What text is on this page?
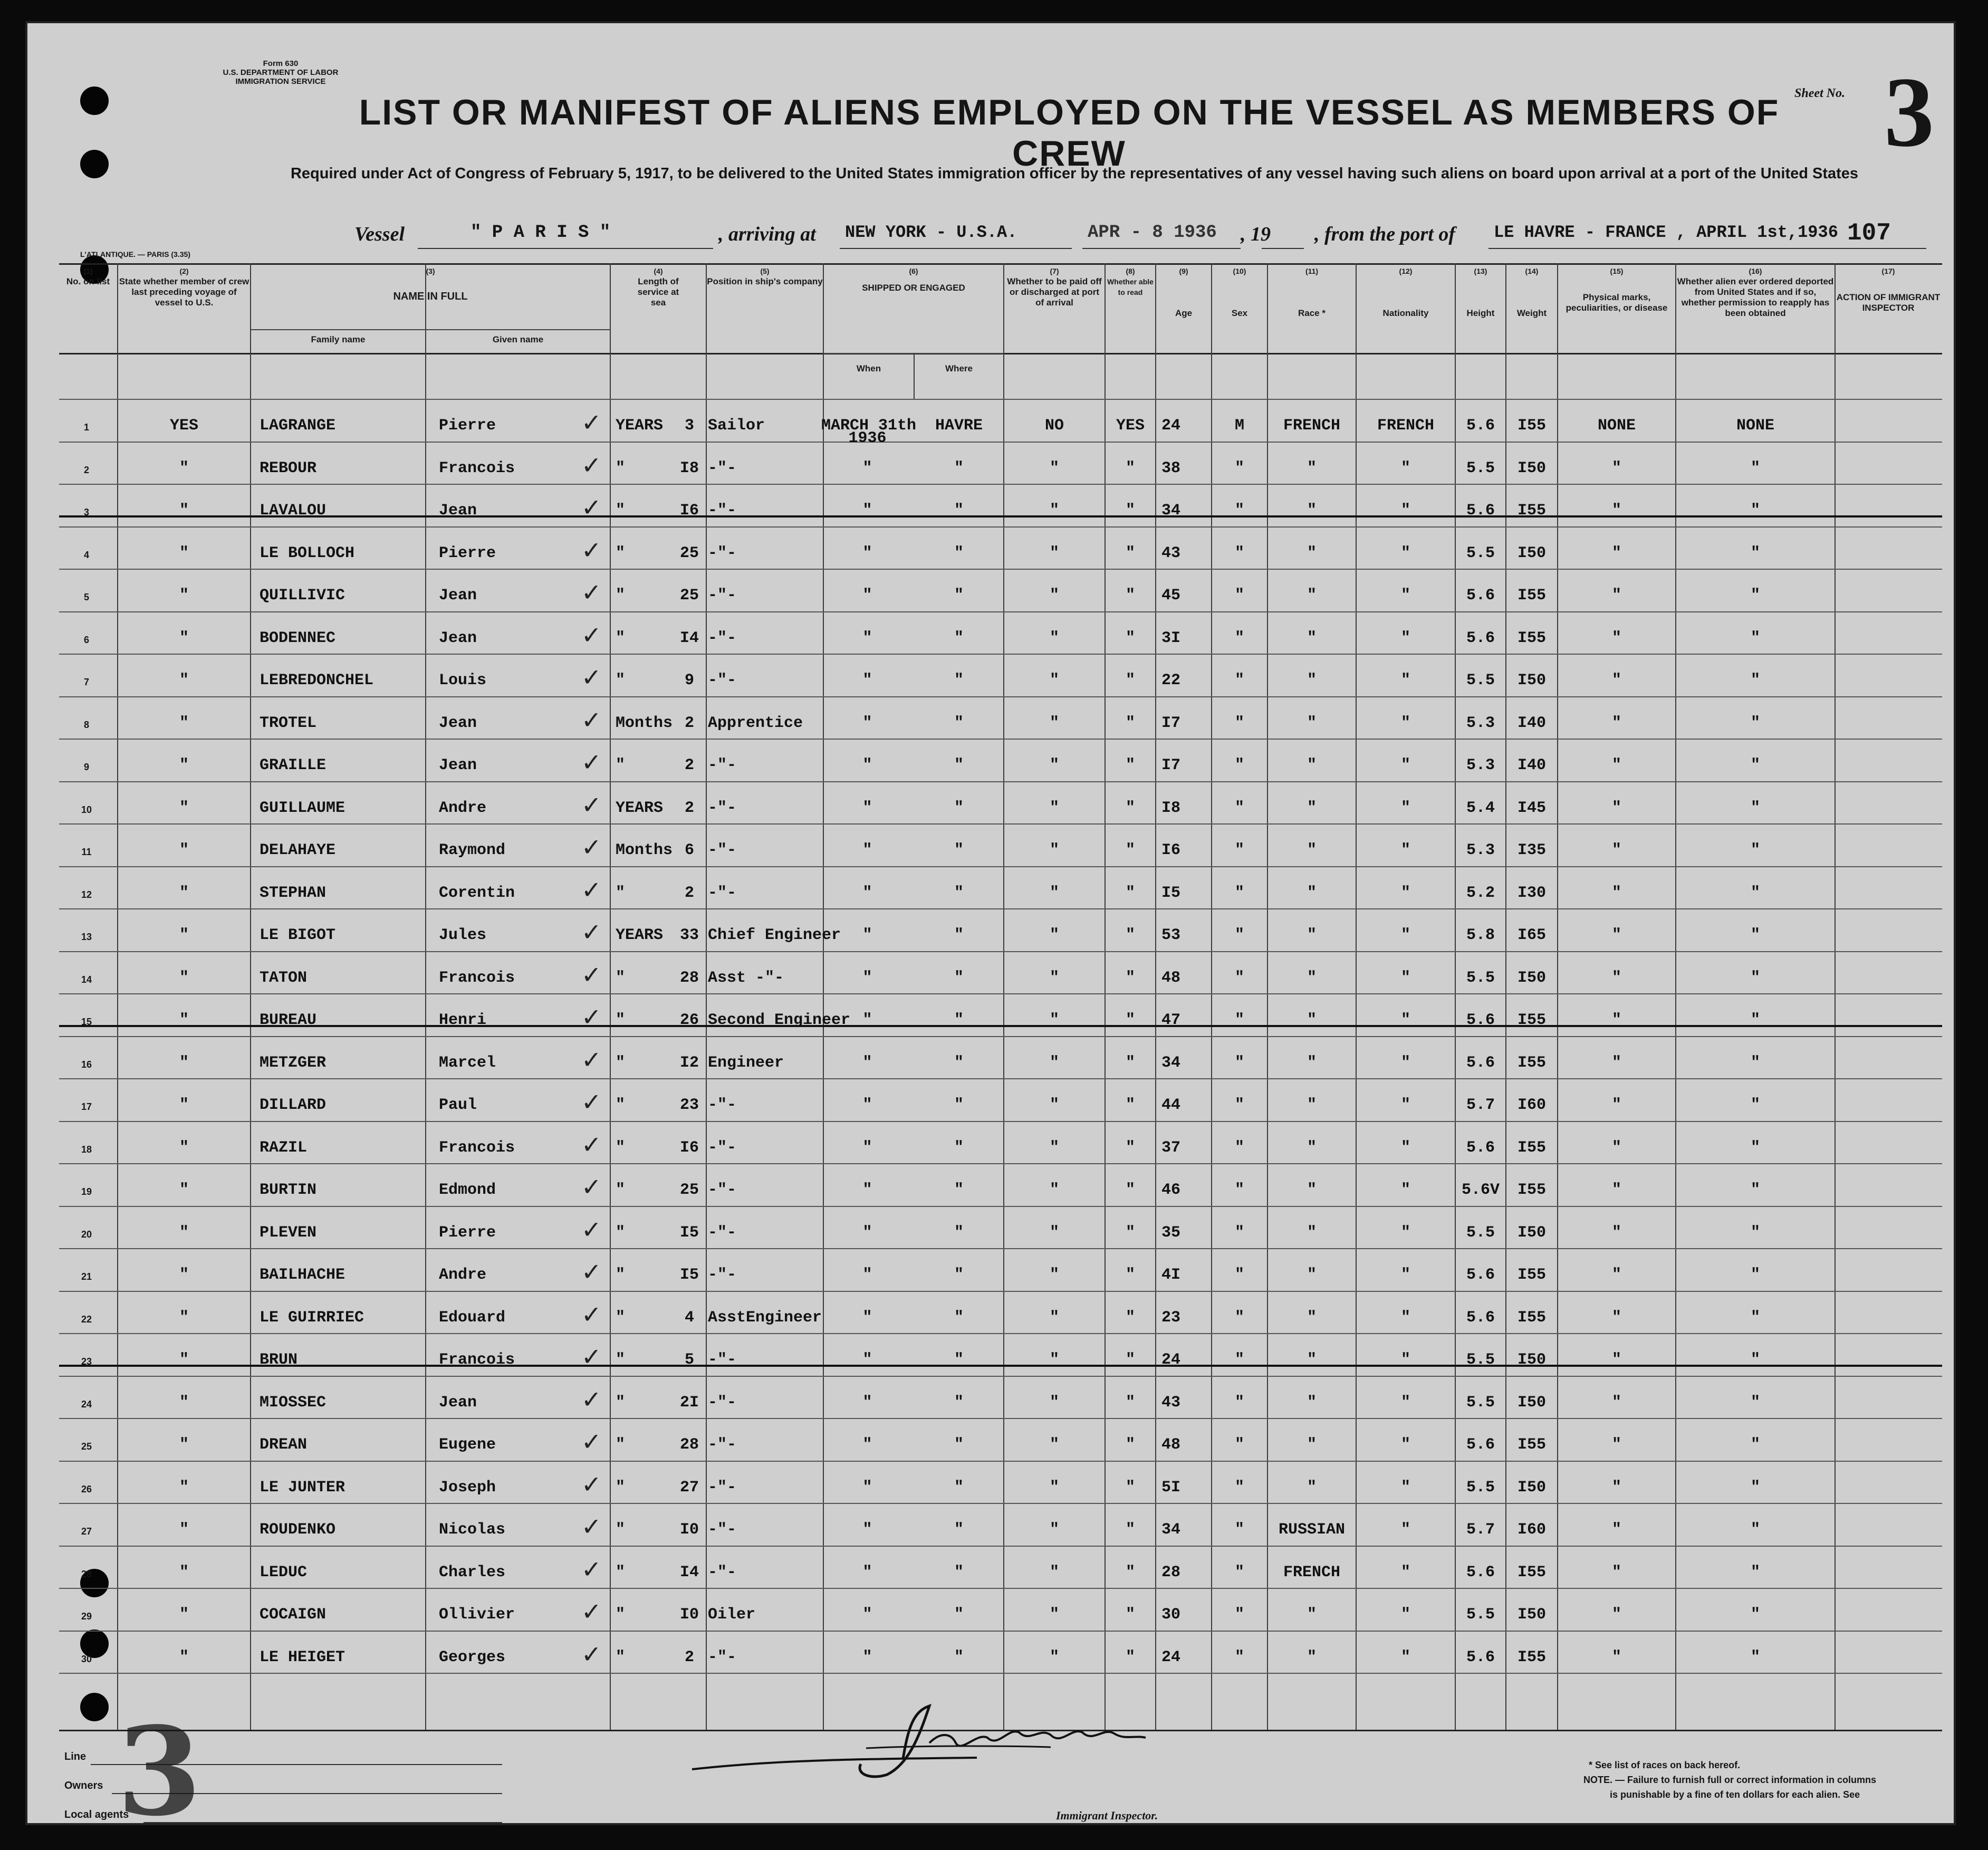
Form 630
U.S. DEPARTMENT OF LABOR
IMMIGRATION SERVICE
LIST OR MANIFEST OF ALIENS EMPLOYED ON THE VESSEL AS MEMBERS OF CREW
Sheet No. 3
Required under Act of Congress of February 5, 1917, to be delivered to the United States immigration officer by the representatives of any vessel having such aliens on board upon arrival at a port of the United States
L'ATLANTIQUE. — PARIS (3.35)
Vessel	" P A R I S "	, arriving at NEW YORK - U.S.A.	APR - 8 1936 , 19 , from the port of LE HAVRE - FRANCE , APRIL 1st,1936 107
(1)
No. on list
(2)
State whether member of crew last preceding voyage of vessel to U.S.
(3)
NAME IN FULL
Family name	Given name
(4)
Length of service at sea
(5)
Position in ship's company
(6)
SHIPPED OR ENGAGED
When	Where
(7)
Whether to be paid off or discharged at port of arrival
(8)
Whether able to read
(9)
Age
(10)
Sex
(11)
Race *
(12)
Nationality
(13)
Height
(14)
Weight
(15)
Physical marks, peculiarities, or disease
(16)
Whether alien ever ordered deported from United States and if so, whether permission to reapply has been obtained
(17)
ACTION OF IMMIGRANT INSPECTOR
1	YES	LAGRANGE	Pierre	YEARS	3 Sailor	MARCH 31th	HAVRE	NO	YES	24	M	FRENCH	FRENCH	5.6	I55	NONE	NONE
1936
✓
2	"	REBOUR	Francois	"	I8 -"-	"	"	"	"	38	"	"	"	5.5	I50	"	"
✓
3	"	LAVALOU	Jean	"	I6 -"-	"	"	"	"	34	"	"	"	5.6	I55	"	"
✓
4	"	LE BOLLOCH	Pierre	"	25 -"-	"	"	"	"	43	"	"	"	5.5	I50	"	"
✓
5	"	QUILLIVIC	Jean	"	25 -"-	"	"	"	"	45	"	"	"	5.6	I55	"	"
✓
6	"	BODENNEC	Jean	"	I4 -"-	"	"	"	"	3I	"	"	"	5.6	I55	"	"
✓
7	"	LEBREDONCHEL	Louis	"	9 -"-	"	"	"	"	22	"	"	"	5.5	I50	"	"
✓
8	"	TROTEL	Jean	Months 2 Apprentice	"	"	"	"	I7	"	"	"	5.3	I40	"	"
✓
9	"	GRAILLE	Jean	"	2 -"-	"	"	"	"	I7	"	"	"	5.3	I40	"	"
✓
10	"	GUILLAUME	Andre	YEARS	2 -"-	"	"	"	"	I8	"	"	"	5.4	I45	"	"
✓
11	"	DELAHAYE	Raymond	Months 6 -"-	"	"	"	"	I6	"	"	"	5.3	I35	"	"
✓
12	"	STEPHAN	Corentin	"	2 -"-	"	"	"	"	I5	"	"	"	5.2	I30	"	"
✓
13	"	LE BIGOT	Jules	YEARS	33 Chief Engineer	"	"	"	"	53	"	"	"	5.8	I65	"	"
✓
14	"	TATON	Francois	"	28 Asst -"-	"	"	"	"	48	"	"	"	5.5	I50	"	"
✓
15	"	BUREAU	Henri	"	26 Second Engineer "	"	"	"	47	"	"	"	5.6	I55	"	"
✓
16	"	METZGER	Marcel	"	I2 Engineer	"	"	"	"	34	"	"	"	5.6	I55	"	"
✓
17	"	DILLARD	Paul	"	23 -"-	"	"	"	"	44	"	"	"	5.7	I60	"	"
✓
18	"	RAZIL	Francois	"	I6 -"-	"	"	"	"	37	"	"	"	5.6	I55	"	"
✓
19	"	BURTIN	Edmond	"	25 -"-	"	"	"	"	46	"	"	"	5.6V	I55	"	"
✓
20	"	PLEVEN	Pierre	"	I5 -"-	"	"	"	"	35	"	"	"	5.5	I50	"	"
✓
21	"	BAILHACHE	Andre	"	I5 -"-	"	"	"	"	4I	"	"	"	5.6	I55	"	"
✓
22	"	LE GUIRRIEC	Edouard	"	4 AsstEngineer	"	"	"	"	23	"	"	"	5.6	I55	"	"
✓
23	"	BRUN	Francois	"	5 -"-	"	"	"	"	24	"	"	"	5.5	I50	"	"
✓
24	"	MIOSSEC	Jean	"	2I -"-	"	"	"	"	43	"	"	"	5.5	I50	"	"
✓
25	"	DREAN	Eugene	"	28 -"-	"	"	"	"	48	"	"	"	5.6	I55	"	"
✓
26	"	LE JUNTER	Joseph	"	27 -"-	"	"	"	"	5I	"	"	"	5.5	I50	"	"
✓
27	"	ROUDENKO	Nicolas	"	I0 -"-	"	"	"	"	34	"	RUSSIAN	"	5.7	I60	"	"
✓
28	"	LEDUC	Charles	"	I4 -"-	"	"	"	"	28	"	FRENCH	"	5.6	I55	"	"
✓
29	"	COCAIGN	Ollivier	"	I0 Oiler	"	"	"	"	30	"	"	"	5.5	I50	"	"
✓
30	"	LE HEIGET	Georges	"	2 -"-	"	"	"	"	24	"	"	"	5.6	I55	"	"
✓
Line
Owners
Local agents
3	Immigrant Inspector.
* See list of races on back hereof.
NOTE. — Failure to furnish full or correct information in columns
is punishable by a fine of ten dollars for each alien. See
